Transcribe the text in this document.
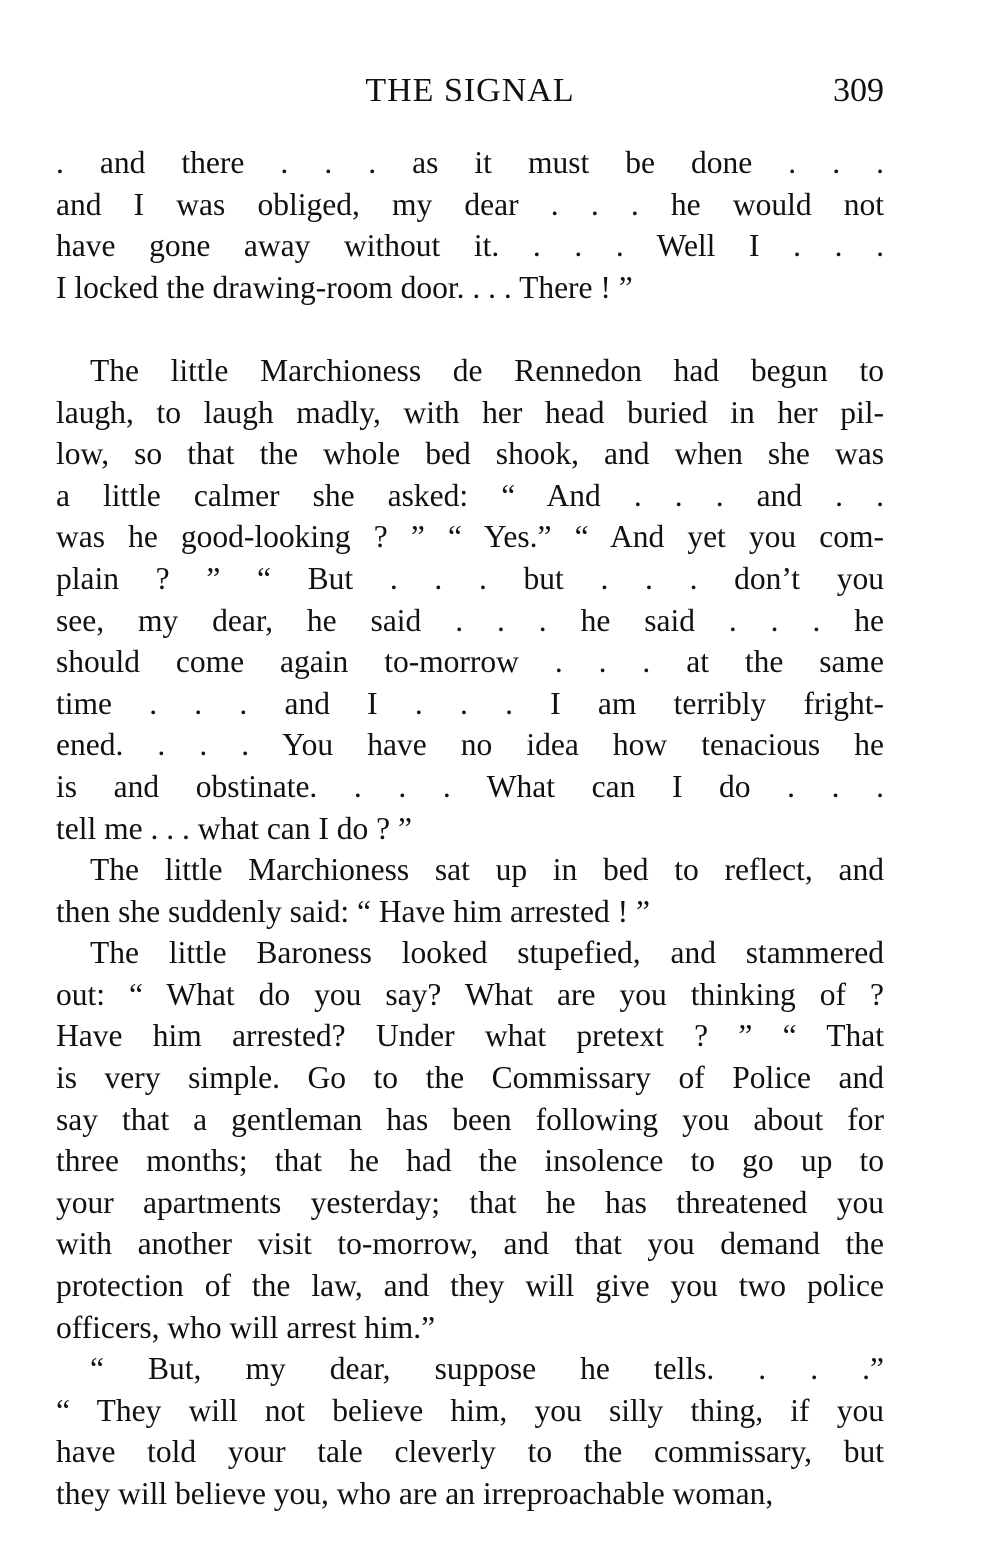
THE SIGNAL	309
. and there . . . as it must be done . . .
and I was obliged, my dear . . . he would not
have gone away without it. . . . Well I . . .
I locked the drawing-room door. . . . There ! ”
The little Marchioness de Rennedon had begun to
laugh, to laugh madly, with her head buried in her pil-
low, so that the whole bed shook, and when she was
a little calmer she asked: “ And . . . and . .
was he good-looking ? ” “ Yes.” “ And yet you com-
plain ? ” “ But . . . but . . . don’t you
see, my dear, he said . . . he said . . . he
should come again to-morrow . . . at the same
time . . . and I . . . I am terribly fright-
ened. . . . You have no idea how tenacious he
is and obstinate. . . . What can I do . . .
tell me . . . what can I do ? ”
The little Marchioness sat up in bed to reflect, and
then she suddenly said: “ Have him arrested ! ”
The little Baroness looked stupefied, and stammered
out: “ What do you say? What are you thinking of ?
Have him arrested? Under what pretext ? ” “ That
is very simple. Go to the Commissary of Police and
say that a gentleman has been following you about for
three months; that he had the insolence to go up to
your apartments yesterday; that he has threatened you
with another visit to-morrow, and that you demand the
protection of the law, and they will give you two police
officers, who will arrest him.”
“ But, my dear, suppose he tells. . . .”
“ They will not believe him, you silly thing, if you
have told your tale cleverly to the commissary, but
they will believe you, who are an irreproachable woman,
